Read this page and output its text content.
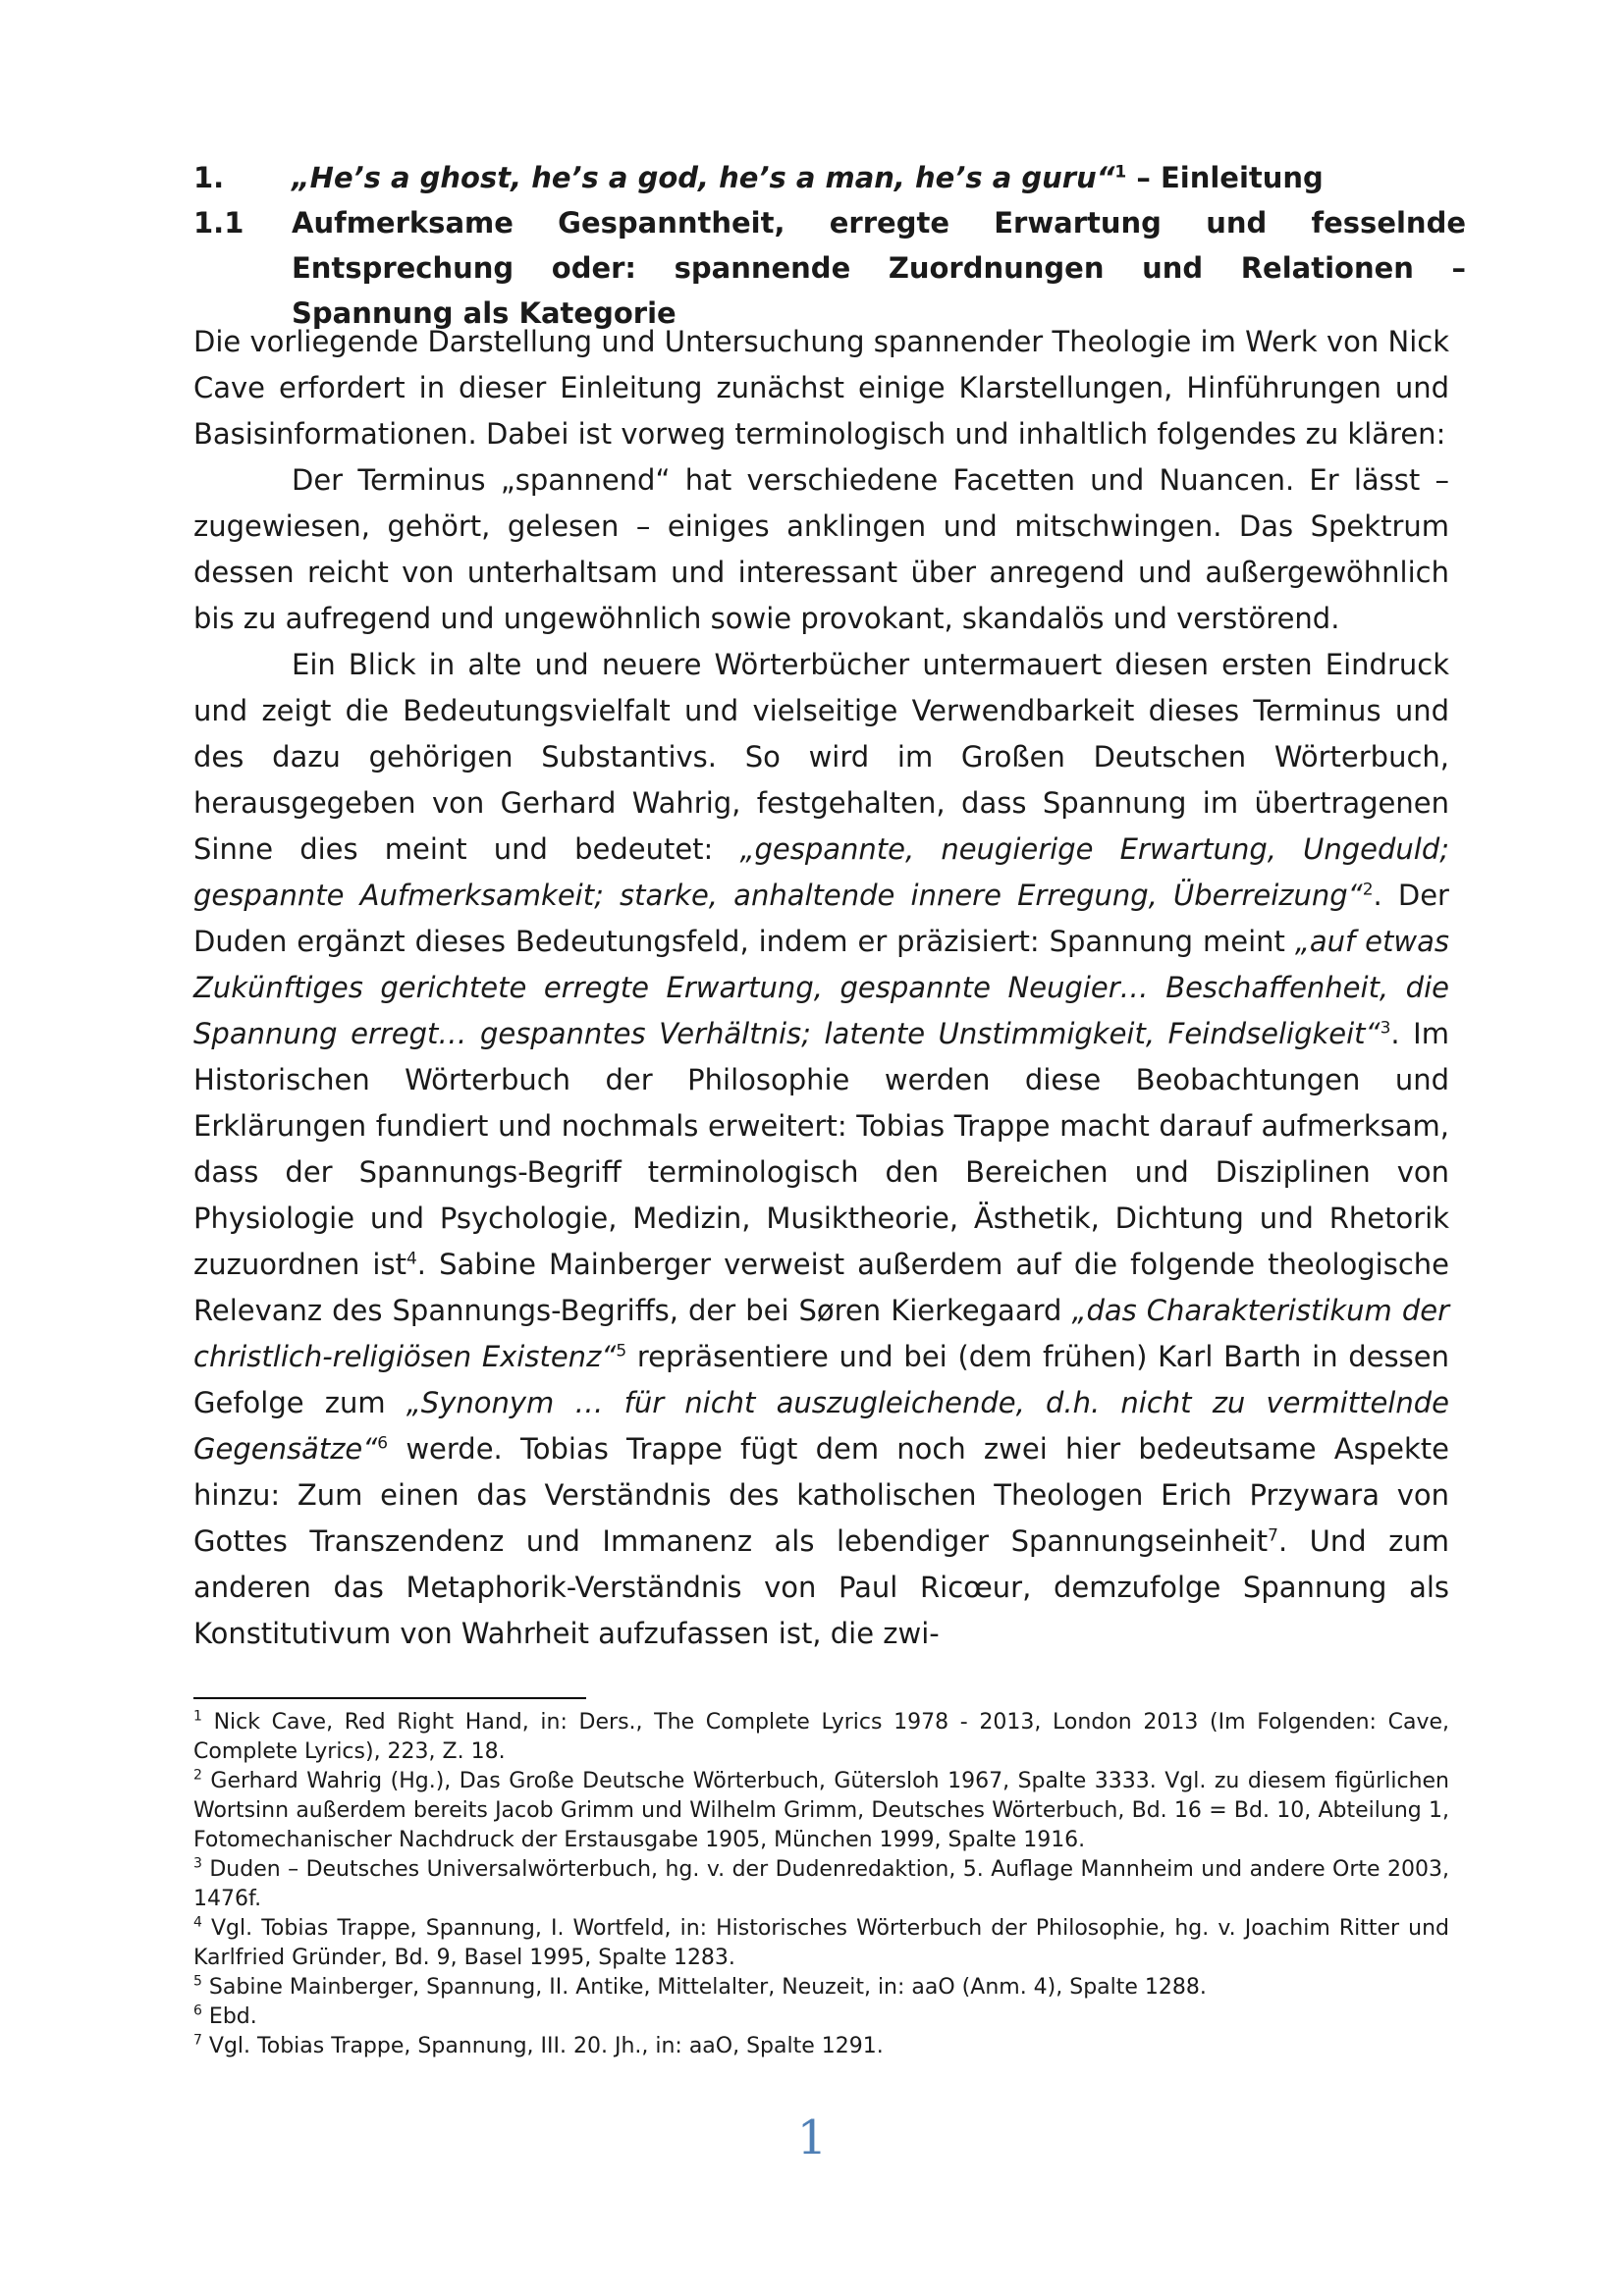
1. „He’s a ghost, he’s a god, he’s a man, he’s a guru“$^1$ – Einleitung
1.1 Aufmerksame Gespanntheit, erregte Erwartung und fesselnde Entsprechung oder: spannende Zuordnungen und Relationen – Spannung als Kategorie

Die vorliegende Darstellung und Untersuchung spannender Theologie im Werk von Nick Cave erfordert in dieser Einleitung zunächst einige Klarstellungen, Hinführungen und Basisinformationen. Dabei ist vorweg terminologisch und inhaltlich folgendes zu klären:

Der Terminus „spannend“ hat verschiedene Facetten und Nuancen. Er lässt – zugewiesen, gehört, gelesen – einiges anklingen und mitschwingen. Das Spektrum dessen reicht von unterhaltsam und interessant über anregend und außergewöhnlich bis zu aufregend und ungewöhnlich sowie provokant, skandalös und verstörend.

Ein Blick in alte und neuere Wörterbücher untermauert diesen ersten Eindruck und zeigt die Bedeutungsvielfalt und vielseitige Verwendbarkeit dieses Terminus und des dazu gehörigen Substantivs. So wird im Großen Deutschen Wörterbuch, herausgegeben von Gerhard Wahrig, festgehalten, dass Spannung im übertragenen Sinne dies meint und bedeutet: „gespannte, neugierige Erwartung, Ungeduld; gespannte Aufmerksamkeit; starke, anhaltende innere Erregung, Überreizung“$^2$. Der Duden ergänzt dieses Bedeutungsfeld, indem er präzisiert: Spannung meint „auf etwas Zukünftiges gerichtete erregte Erwartung, gespannte Neugier… Beschaffenheit, die Spannung erregt… gespanntes Verhältnis; latente Unstimmigkeit, Feindseligkeit“$^3$. Im Historischen Wörterbuch der Philosophie werden diese Beobachtungen und Erklärungen fundiert und nochmals erweitert: Tobias Trappe macht darauf aufmerksam, dass der Spannungs-Begriff terminologisch den Bereichen und Disziplinen von Physiologie und Psychologie, Medizin, Musiktheorie, Ästhetik, Dichtung und Rhetorik zuzuordnen ist$^4$. Sabine Mainberger verweist außerdem auf die folgende theologische Relevanz des Spannungs-Begriffs, der bei Søren Kierkegaard „das Charakteristikum der christlich-religiösen Existenz“$^5$ repräsentiere und bei (dem frühen) Karl Barth in dessen Gefolge zum „Synonym … für nicht auszugleichende, d.h. nicht zu vermittelnde Gegensätze“$^6$ werde. Tobias Trappe fügt dem noch zwei hier bedeutsame Aspekte hinzu: Zum einen das Verständnis des katholischen Theologen Erich Przywara von Gottes Transzendenz und Immanenz als lebendiger Spannungseinheit$^7$. Und zum anderen das Metaphorik-Verständnis von Paul Ricœur, demzufolge Spannung als Konstitutivum von Wahrheit aufzufassen ist, die zwi-

$^1$ Nick Cave, Red Right Hand, in: Ders., The Complete Lyrics 1978 - 2013, London 2013 (Im Folgenden: Cave, Complete Lyrics), 223, Z. 18.

$^2$ Gerhard Wahrig (Hg.), Das Große Deutsche Wörterbuch, Gütersloh 1967, Spalte 3333. Vgl. zu diesem figürlichen Wortsinn außerdem bereits Jacob Grimm und Wilhelm Grimm, Deutsches Wörterbuch, Bd. 16 = Bd. 10, Abteilung 1, Fotomechanischer Nachdruck der Erstausgabe 1905, München 1999, Spalte 1916.

$^3$ Duden – Deutsches Universalwörterbuch, hg. v. der Dudenredaktion, 5. Auflage Mannheim und andere Orte 2003, 1476f.

$^4$ Vgl. Tobias Trappe, Spannung, I. Wortfeld, in: Historisches Wörterbuch der Philosophie, hg. v. Joachim Ritter und Karlfried Gründer, Bd. 9, Basel 1995, Spalte 1283.

$^5$ Sabine Mainberger, Spannung, II. Antike, Mittelalter, Neuzeit, in: aaO (Anm. 4), Spalte 1288.

$^6$ Ebd.

$^7$ Vgl. Tobias Trappe, Spannung, III. 20. Jh., in: aaO, Spalte 1291.

1
